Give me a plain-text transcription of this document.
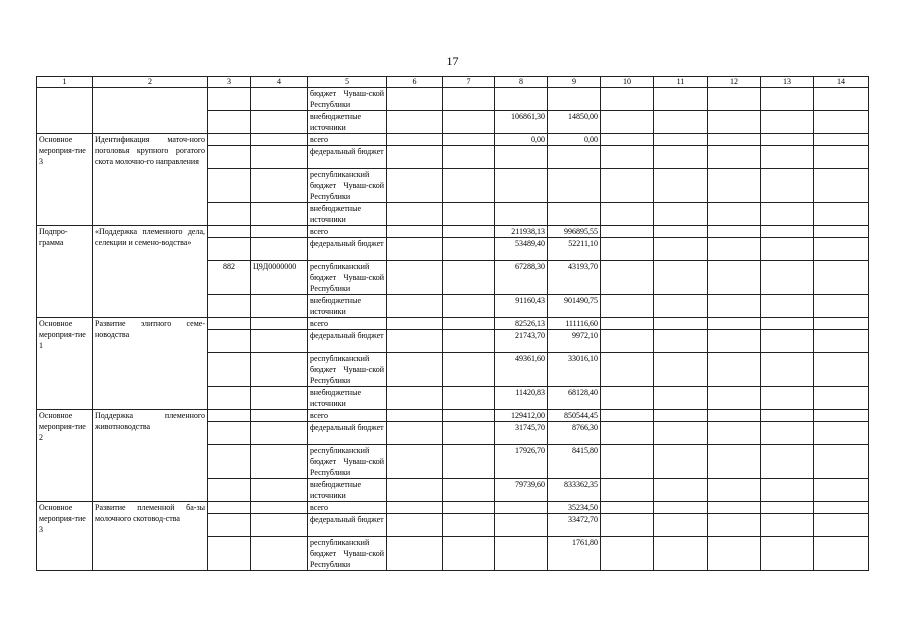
17
1	2	3	4	5	6	7	8	9	10	11	12	13	14
				бюджет Чуваш-ской Республики									
				внебюджетные источники			106861,30	14850,00					
Основное мероприя-тие 3	Идентификация маточ-ного поголовья крупного рогатого скота молочно-го направления			всего			0,00	0,00					
				федеральный бюджет									
				республиканский бюджет Чуваш-ской Республики									
				внебюджетные источники									
Подпро-грамма	«Поддержка племенного дела, селекции и семено-водства»			всего			211938,13	996895,55					
				федеральный бюджет			53489,40	52211,10					
		882	Ц9Д0000000	республиканский бюджет Чуваш-ской Республики			67288,30	43193,70					
				внебюджетные источники			91160,43	901490,75					
Основное мероприя-тие 1	Развитие элитного семе-новодства			всего			82526,13	111116,60					
				федеральный бюджет			21743,70	9972,10					
				республиканский бюджет Чуваш-ской Республики			49361,60	33016,10					
				внебюджетные источники			11420,83	68128,40					
Основное мероприя-тие 2	Поддержка племенного животноводства			всего			129412,00	850544,45					
				федеральный бюджет			31745,70	8766,30					
				республиканский бюджет Чуваш-ской Республики			17926,70	8415,80					
				внебюджетные источники			79739,60	833362,35					
Основное мероприя-тие 3	Развитие племенной ба-зы молочного скотовод-ства			всего				35234,50					
				федеральный бюджет				33472,70					
				республиканский бюджет Чуваш-ской Республики				1761,80					
